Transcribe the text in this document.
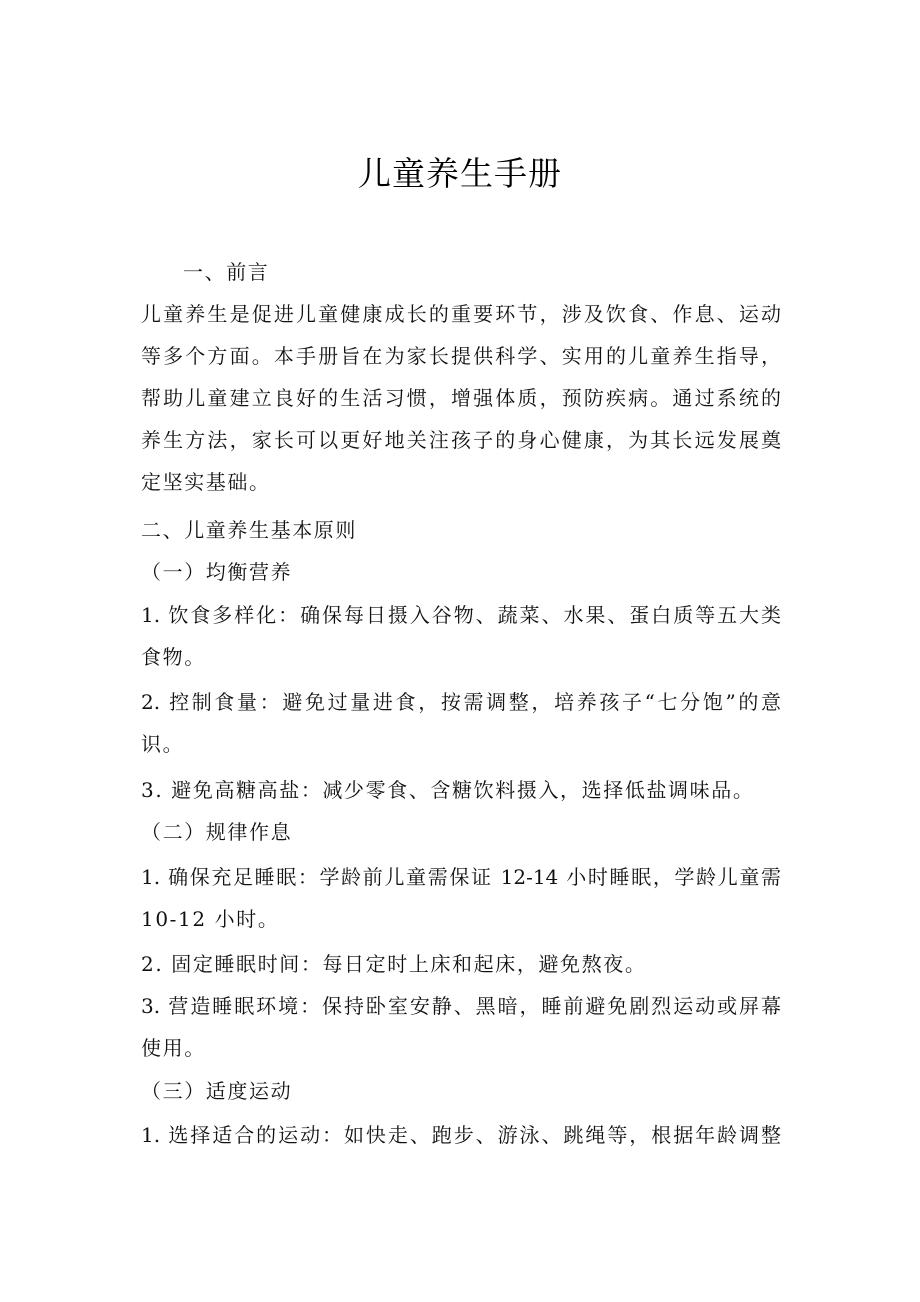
儿童养生手册
一、前言
儿童养生是促进儿童健康成长的重要环节，涉及饮食、作息、运动
等多个方面。本手册旨在为家长提供科学、实用的儿童养生指导，
帮助儿童建立良好的生活习惯，增强体质，预防疾病。通过系统的
养生方法，家长可以更好地关注孩子的身心健康，为其长远发展奠
定坚实基础。
二、儿童养生基本原则
（一）均衡营养
1. 饮食多样化：确保每日摄入谷物、蔬菜、水果、蛋白质等五大类
食物。
2. 控制食量：避免过量进食，按需调整，培养孩子“七分饱”的意
识。
3. 避免高糖高盐：减少零食、含糖饮料摄入，选择低盐调味品。
（二）规律作息
1. 确保充足睡眠：学龄前儿童需保证 12-14 小时睡眠，学龄儿童需
10-12 小时。
2. 固定睡眠时间：每日定时上床和起床，避免熬夜。
3. 营造睡眠环境：保持卧室安静、黑暗，睡前避免剧烈运动或屏幕
使用。
（三）适度运动
1. 选择适合的运动：如快走、跑步、游泳、跳绳等，根据年龄调整
